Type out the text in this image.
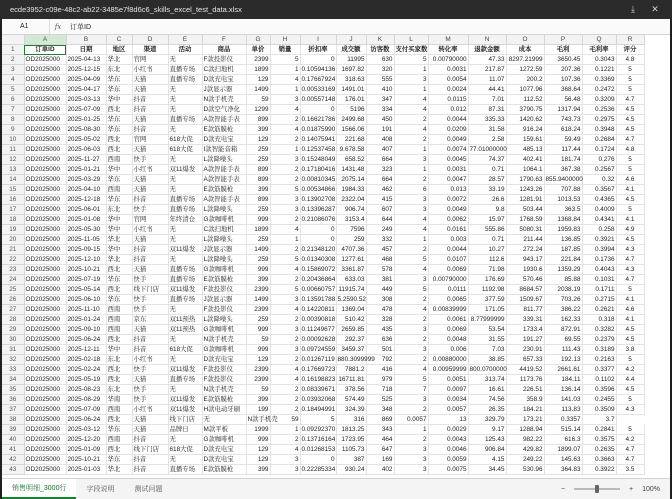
ecde3952-c09e-48c2-ab22-3485e7f8d6c6_skills_excel_test_data.xlsx	⤓	✕
A1	fx	订单ID
	A	B	C	D	E	F	G	H	I	J	K	L	M	N	O	P	Q	R
1	订单ID	日期	地区	渠道	活动	商品	单价	销量	折扣率	成交额	访客数	支付买家数	转化率	退款金额	成本	毛利	毛利率	评分
2	OD2025000	2025-04-13	华北	官网	无	F款投影仪	2399	5	0	11995	630	5	0.00790000	47.33	8297.21999	3650.45	0.3043	4.8
3	OD2025000	2025-12-15	东北	小红书	直播专场	C款扫地机	1899	1	0.10594136	1697.82	320	1	0.0031	217.87	1272.59	207.36	0.1221	5
4	OD2025000	2025-04-09	华东	天猫	直播专场	D款充电宝	129	4	0.17667924	318.63	555	3	0.0054	11.07	200.2	107.36	0.3369	5
5	OD2025000	2025-04-17	华东	天猫	无	J款显示器	1499	1	0.00533169	1491.01	410	1	0.0024	44.41	1077.96	368.64	0.2472	5
6	OD2025000	2025-03-13	华中	抖音	无	N款手机壳	59	3	0.00557148	176.01	347	4	0.0115	7.01	112.52	56.48	0.3209	4.7
7	OD2025000	2025-07-09	西北	抖音	无	D款空气净化	1299	4	0	5196	334	4	0.012	87.31	3790.75	1317.94	0.2536	4.5
8	OD2025000	2025-01-25	华东	天猫	直播专场	A款智能手表	899	2	0.16621786	2499.68	450	2	0.0044	335.33	1420.62	743.73	0.2975	4.5
9	OD2025000	2025-08-30	华东	抖音	无	E款筋膜枪	399	4	0.01875990	1566.06	191	4	0.0209	31.58	916.24	618.24	0.3948	4.5
10	OD2025000	2025-05-02	西北	官网	618大促	D款充电宝	129	2	0.14075941	221.68	408	2	0.0049	2.58	159.61	59.49	0.2684	4.7
11	OD2025000	2025-06-03	西北	天猫	618大促	I款智能音箱	259	1	0.12537458	9.678.58	407	1	0.0074	77.01000000	485.13	117.44	0.1724	4.8
12	OD2025000	2025-11-27	西南	快手	无	L款降噪头	259	3	0.15248049	658.52	664	3	0.0045	74.37	402.41	181.74	0.276	5
13	OD2025000	2025-01-21	华中	小红书	双11爆发	A款智能手表	899	2	0.17180416	1431.48	323	1	0.0031	0.71	1064.1	367.38	0.2567	5
14	OD2025000	2025-03-29	华东	天猫	无	A款智能手表	899	2	0.00810345	2075.14	664	2	0.0047	28.57	1790.63	855.9400000	0.32	4.6
15	OD2025000	2025-04-10	西南	天猫	无	E款筋膜枪	399	5	0.00534866	1984.33	462	6	0.013	33.19	1243.26	707.88	0.3567	4.1
16	OD2025000	2025-12-18	华东	抖音	直播专场	A款智能手表	899	3	0.13902708	2322.04	415	3	0.0072	26.6	1281.91	1013.53	0.4365	4.5
17	OD2025000	2025-06-01	东北	快手	直播专场	L款降噪头	259	3	0.13396287	906.74	607	3	0.0049	9.8	503.44	363.5	0.4009	5
18	OD2025000	2025-01-08	华中	官网	年终清仓	G款咖啡机	999	2	0.21086076	3153.4	644	4	0.0062	15.97	1768.59	1368.84	0.4341	4.1
19	OD2025000	2025-05-30	华中	小红书	无	C款扫地机	1899	4	0	7596	249	4	0.0161	555.86	5080.31	1959.83	0.258	4.9
20	OD2025000	2025-11-05	华北	天猫	无	L款降噪头	259	1	0	259	332	1	0.003	0.71	211.44	136.85	0.3921	4.5
21	OD2025000	2025-09-15	华中	抖音	双11爆发	J款显示器	1499	2	0.21348120	4707.36	457	2	0.0044	10.27	272.24	187.85	0.3994	4.3
22	OD2025000	2025-12-10	华北	抖音	无	L款降噪头	259	5	0.01340308	1277.61	468	5	0.0107	112.6	943.17	221.84	0.1736	4.7
23	OD2025000	2025-10-21	西北	天猫	直播专场	G款咖啡机	999	4	0.15869072	3361.87	578	4	0.0069	71.98	1930.6	1359.29	0.4043	4.3
24	OD2025000	2025-07-19	华东	快手	直播专场	E款筋膜枪	399	2	0.20436864	633.03	381	3	0.00790000	176.69	570.46	85.88	0.1031	4.7
25	OD2025000	2025-05-14	西北	线下门店	双11爆发	F款投影仪	2399	5	0.00660757	11915.74	449	5	0.0111	1192.98	8684.57	2038.19	0.1711	5
26	OD2025000	2025-06-10	华东	快手	直播专场	J款显示器	1499	3	0.13591788	5.2590.52	308	2	0.0065	377.59	1509.67	703.26	0.2715	4.1
27	OD2025000	2025-11-10	西南	快手	无	F款投影仪	2399	4	0.14220811	1369.04	478	4	0.00839999	171.05	811.77	386.22	0.2621	4.6
28	OD2025000	2025-01-24	西南	京东	双11预热	L款降噪头	259	2	0.00390818	510.42	328	2	0.0061	8.77999999	339.31	162.33	0.318	4.1
29	OD2025000	2025-09-10	西南	天猫	双11预热	G款咖啡机	999	3	0.11249677	2659.85	435	3	0.0069	53.54	1733.4	872.91	0.3282	4.5
30	OD2025000	2025-06-24	西北	抖音	无	N款手机壳	59	2	0.00092628	292.37	636	2	0.0048	31.55	191.27	69.55	0.2379	4.5
31	OD2025000	2025-12-11	华中	抖音	618大促	G款咖啡机	999	3	0.09724559	3459.37	501	3	0.006	7.03	230.91	111.43	0.3189	3.8
32	OD2025000	2025-02-18	东北	小红书	无	D款充电宝	129	2	0.01267119	880.3099999	792	2	0.00880000	38.85	657.33	192.13	0.2163	5
33	OD2025000	2025-02-24	西北	快手	双11爆发	F款投影仪	2399	4	0.17669723	7881.2	416	4	0.00959999	800.0700000	4419.52	2661.61	0.3377	4.2
34	OD2025000	2025-05-19	西北	天猫	直播专场	F款投影仪	2399	4	0.16198823	16711.81	979	5	0.0051	313.74	1173.76	184.11	0.1102	4.4
35	OD2025000	2025-08-23	东北	快手	无	N款手机壳	59	2	0.08339671	378.56	718	7	0.0097	16.61	226.51	136.14	0.3596	4.5
36	OD2025000	2025-08-29	华南	快手	双11爆发	E款筋膜枪	399	2	0.03932068	574.49	525	3	0.0034	74.56	358.9	141.03	0.2455	5
37	OD2025000	2025-07-09	西南	小红书	双11爆发	H款电动牙刷	199	2	0.18494991	324.39	348	2	0.0057	26.35	184.21	113.83	0.3509	4.3
38	OD2025000	2025-06-24	西北	天猫	线下门店	无	N款手机壳	59	5	316	869	0.0057	13	329.79	173.21	0.3357	3.7	
39	OD2025000	2025-03-12	华东	天猫	品牌日	M款平板	1999	1	0.09292370	1813.25	343	1	0.0029	9.17	1288.94	515.14	0.2841	5
40	OD2025000	2025-12-20	西南	抖音	无	G款咖啡机	999	2	0.13716164	1723.95	464	2	0.0043	125.43	982.22	616.3	0.3575	4.2
41	OD2025000	2025-01-09	西北	线下门店	618大促	D款充电宝	129	4	0.01268153	1105.73	647	3	0.0046	906.84	429.82	1899.07	0.2635	4.7
42	OD2025000	2025-10-21	华东	抖音	无	D款充电宝	129	3	0	387	169	3	0.0059	4.15	249.22	145.63	0.3663	4.7
43	OD2025000	2025-01-03	华北	抖音	直播专场	E款筋膜枪	399	3	0.22285334	930.24	402	3	0.0075	34.45	530.96	364.83	0.3922	3.5
销售明细_3000行	字段说明	测试问题	−	+	100%
